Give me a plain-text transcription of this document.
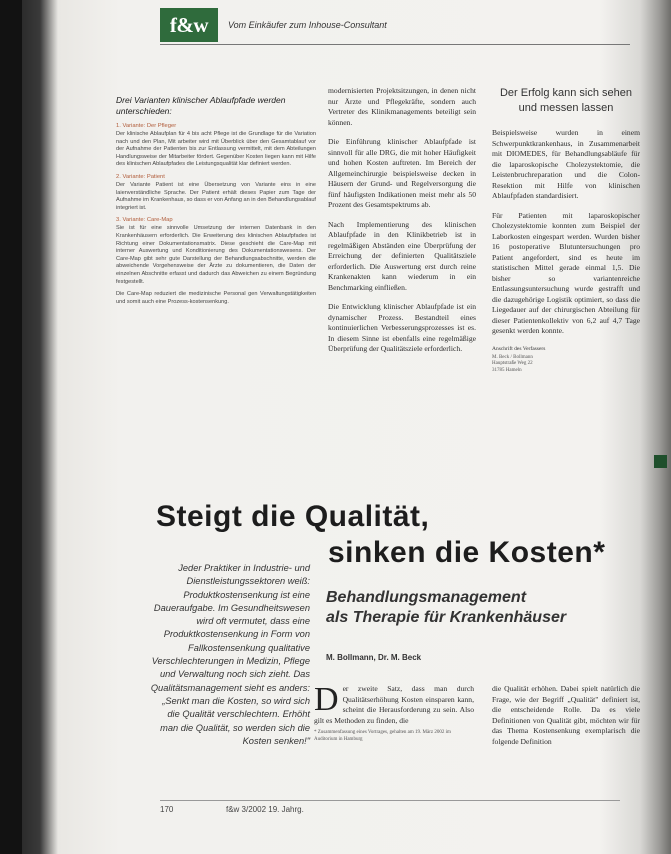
f&w	Vom Einkäufer zum Inhouse-Consultant
Drei Varianten klinischer Ablaufpfade werden unterschieden:
1. Variante: Der Pfleger
Der klinische Ablaufplan für 4 bis acht Pflege ist die Grundlage für die Variation nach und den Plan, Mit arbeiter wird mit Überblick über den Gesamtablauf vor der Aufnahme der Patienten bis zur Entlassung vermittelt, mit dem Abteilungen Handlungsweise der Mitarbeiter fördert. Gegenüber Kosten liegen kann mit Hilfe des klinischen Ablaufpfades die Leistungsqualität klar definiert werden.
2. Variante: Patient
Der Variante Patient ist eine Übersetzung von Variante eins in eine laienverständliche Sprache. Der Patient erhält dieses Papier zum Tage der Aufnahme im Krankenhaus, so dass er von Anfang an in den Behandlungsablauf integriert ist.
3. Variante: Care-Map
Sie ist für eine sinnvolle Umsetzung der internen Datenbank in den Krankenhäusern erforderlich. Die Erweiterung des klinischen Ablaufpfades ist Richtung einer Dokumentationsmatrix. Diese geschieht die Care-Map mit interner Auswertung und Konditionierung des Dokumentationswesens. Der Care-Map gibt sehr gute Darstellung der Behandlungsabschnitte, werden die abweichende Vorgehensweise der Ärzte zu dokumentieren, die Daten der einzelnen Abschnitte erfasst und dadurch das Abweichen zu einem Begründung festgestellt.
Die Care-Map reduziert die medizinische Personal gen Verwaltungstätigkeiten und somit auch eine Prozess-kostensenkung.

modernisierten Projektsitzungen, in denen nicht nur Ärzte und Pflegekräfte, sondern auch Vertreter des Klinikmanagements beteiligt sein können.

Die Einführung klinischer Ablaufpfade ist sinnvoll für alle DRG, die mit hoher Häufigkeit und hohen Kosten auftreten. Im Bereich der Allgemeinchirurgie beispielsweise decken in Häusern der Grund- und Regelversorgung die fünf häufigsten Indikationen meist mehr als 50 Prozent des Gesamtspektrums ab.

Nach Implementierung des klinischen Ablaufpfade in den Klinikbetrieb ist in regelmäßigen Abständen eine Überprüfung der Erreichung der definierten Qualitätsziele erforderlich. Die Auswertung erst durch reine Krankenakten kann wiederum in ein Benchmarking einfließen.

Die Entwicklung klinischer Ablaufpfade ist ein dynamischer Prozess. Bestandteil eines kontinuierlichen Verbesserungsprozesses ist es. In diesem Sinne ist ebenfalls eine regelmäßige Überprüfung der Qualitätsziele erforderlich.

Der Erfolg kann sich sehen und messen lassen

Beispielsweise wurden in einem Schwerpunktkrankenhaus, in Zusammenarbeit mit DIOMEDES, für Behandlungsabläufe für die laparoskopische Cholezystektomie, die Leistenbruchreparation und die Colon-Resektion mit Hilfe von klinischen Ablaufpfaden standardisiert.

Für Patienten mit laparoskopischer Cholezystektomie konnten zum Beispiel der Laborkosten eingespart werden. Wurden bisher 16 postoperative Blutuntersuchungen pro Patient angefordert, sind es heute im statistischen Mittel gerade einmal 1,5. Die bisher so variantenreiche Entlassungsuntersuchung wurde gestrafft und die dazugehörige Logistik optimiert, so dass die Liegedauer auf der chirurgischen Abteilung für dieser Patientenkollektiv von 6,2 auf 4,7 Tage gesenkt werden konnte.

Anschrift des Verfassers
M. Beck / Bollmann
Hauptstraße Weg 22
31785 Hameln
Steigt die Qualität,
sinken die Kosten*
Behandlungsmanagement
als Therapie für Krankenhäuser
M. Bollmann, Dr. M. Beck
Jeder Praktiker in Industrie- und Dienstleistungssektoren weiß: Produktkostensenkung ist eine Daueraufgabe. Im Gesundheitswesen wird oft vermutet, dass eine Produktkostensenkung in Form von Fallkostensenkung qualitative Verschlechterungen in Medizin, Pflege und Verwaltung noch sich zieht. Das Qualitätsmanagement sieht es anders: „Senkt man die Kosten, so wird sich die Qualität verschlechtern. Erhöht man die Qualität, so werden sich die Kosten senken!"
D er zweite Satz, dass man durch Qualitätserhöhung Kosten einsparen kann, scheint die Herausforderung zu sein. Also gilt es Methoden zu finden, die

* Zusammenfassung eines Vortrages, gehalten am 19. März 2002 im Auditorium in Hamburg

die Qualität erhöhen. Dabei spielt natürlich die Frage, wie der Begriff „Qualität" definiert ist, die entscheidende Rolle. Da es viele Definitionen von Qualität gibt, möchten wir für das Thema Kostensenkung exemplarisch die folgende Definition

170	f&w 3/2002 19. Jahrg.
